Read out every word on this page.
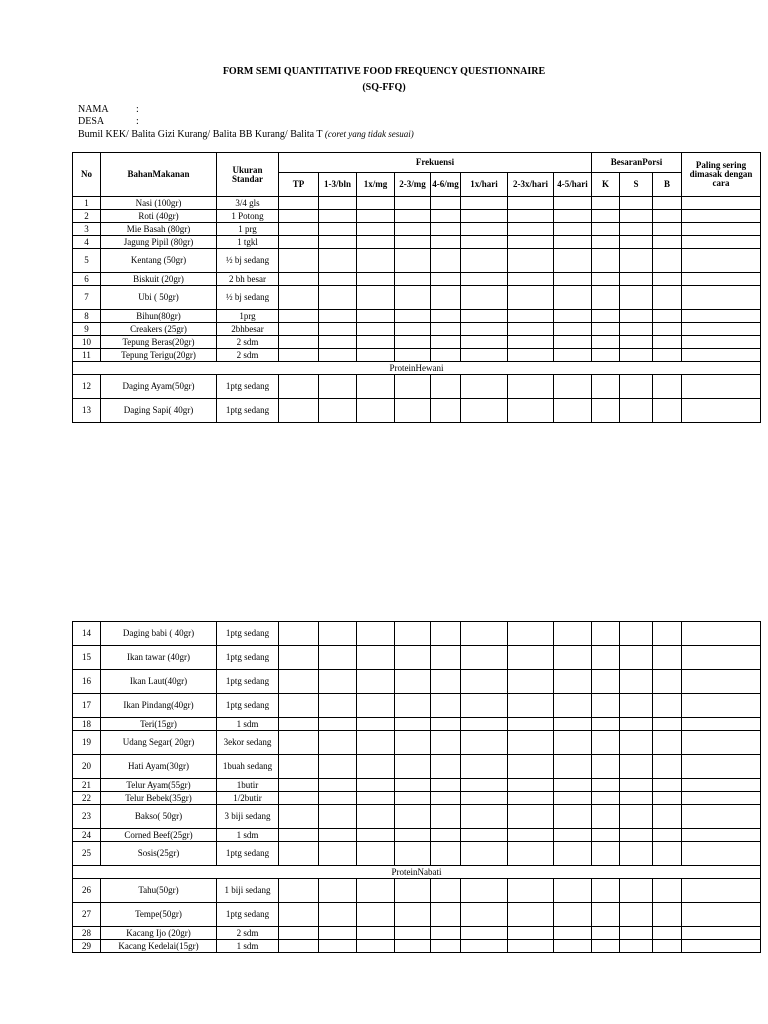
FORM SEMI QUANTITATIVE FOOD FREQUENCY QUESTIONNAIRE
(SQ-FFQ)
NAMA	:
DESA	:
Bumil KEK/ Balita Gizi Kurang/ Balita BB Kurang/ Balita T (coret yang tidak sesuai)
No	BahanMakanan	Ukuran Standar	Frekuensi								BesaranPorsi			Paling sering dimasak dengan cara
			TP	1-3/bln	1x/mg	2-3/mg	4-6/mg	1x/hari	2-3x/hari	4-5/hari	K	S	B	
1	Nasi (100gr)	3/4 gls												
2	Roti (40gr)	1 Potong												
3	Mie Basah (80gr)	1 prg												
4	Jagung Pipil (80gr)	1 tgkl												
5	Kentang (50gr)	½ bj sedang												
6	Biskuit (20gr)	2 bh besar												
7	Ubi ( 50gr)	½ bj sedang												
8	Bihun(80gr)	1prg												
9	Creakers (25gr)	2bhbesar												
10	Tepung Beras(20gr)	2 sdm												
11	Tepung Terigu(20gr)	2 sdm												
ProteinHewani														
12	Daging Ayam(50gr)	1ptg sedang												
13	Daging Sapi( 40gr)	1ptg sedang												
14	Daging babi ( 40gr)	1ptg sedang												
15	Ikan tawar (40gr)	1ptg sedang												
16	Ikan Laut(40gr)	1ptg sedang												
17	Ikan Pindang(40gr)	1ptg sedang												
18	Teri(15gr)	1 sdm												
19	Udang Segar( 20gr)	3ekor sedang												
20	Hati Ayam(30gr)	1buah sedang												
21	Telur Ayam(55gr)	1butir												
22	Telur Bebek(35gr)	1/2butir												
23	Bakso( 50gr)	3 biji sedang												
24	Corned Beef(25gr)	1 sdm												
25	Sosis(25gr)	1ptg sedang												
ProteinNabati														
26	Tahu(50gr)	1 biji sedang												
27	Tempe(50gr)	1ptg sedang												
28	Kacang Ijo (20gr)	2 sdm												
29	Kacang Kedelai(15gr)	1 sdm												
